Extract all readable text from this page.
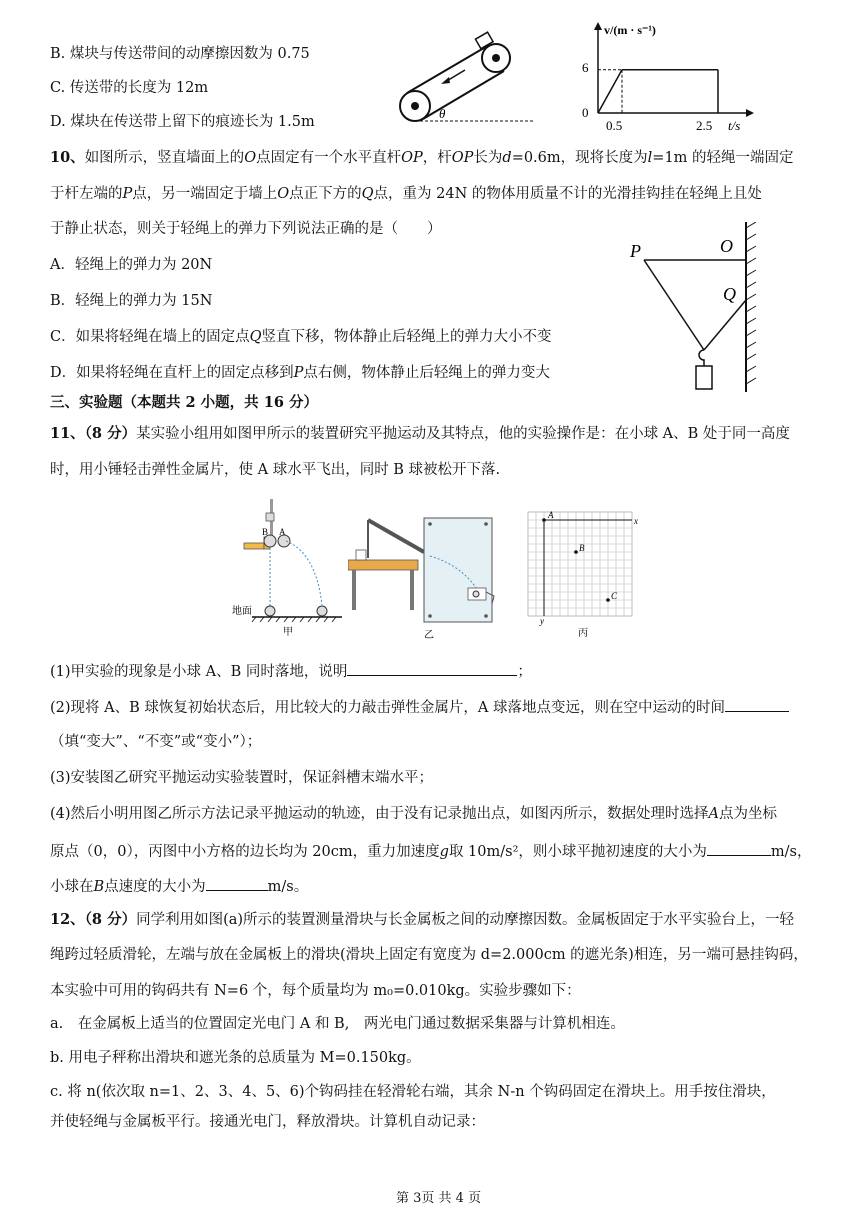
B. 煤块与传送带间的动摩擦因数为 0.75
C. 传送带的长度为 12m
D. 煤块在传送带上留下的痕迹长为 1.5m
θ
v/(m · s⁻¹)
6
0
0.5	2.5 t/s
10、如图所示，竖直墙面上的O点固定有一个水平直杆OP，杆OP长为d=0.6m，现将长度为l=1m 的轻绳一端固定
于杆左端的P点，另一端固定于墙上O点正下方的Q点，重为 24N 的物体用质量不计的光滑挂钩挂在轻绳上且处
于静止状态，则关于轻绳上的弹力下列说法正确的是（　　）
A．轻绳上的弹力为 20N
B．轻绳上的弹力为 15N
C．如果将轻绳在墙上的固定点Q竖直下移，物体静止后轻绳上的弹力大小不变
D．如果将轻绳在直杆上的固定点移到P点右侧，物体静止后轻绳上的弹力变大
P	O
Q
三、实验题（本题共 2 小题，共 16 分）
11、（8 分）某实验小组用如图甲所示的装置研究平抛运动及其特点，他的实验操作是：在小球 A、B 处于同一高度
时，用小锤轻击弹性金属片，使 A 球水平飞出，同时 B 球被松开下落.
B A
地面
甲	乙
A
B
C
x
y
丙
(1)甲实验的现象是小球 A、B 同时落地，说明	；
(2)现将 A、B 球恢复初始状态后，用比较大的力敲击弹性金属片，A 球落地点变远，则在空中运动的时间
（填“变大”、“不变”或“变小”）；
(3)安装图乙研究平抛运动实验装置时，保证斜槽末端水平；
(4)然后小明用图乙所示方法记录平抛运动的轨迹，由于没有记录抛出点，如图丙所示，数据处理时选择A点为坐标
原点（0，0），丙图中小方格的边长均为 20cm，重力加速度g取 10m/s²，则小球平抛初速度的大小为	m/s，
小球在B点速度的大小为	m/s。
12、（8 分）同学利用如图(a)所示的装置测量滑块与长金属板之间的动摩擦因数。金属板固定于水平实验台上，一轻
绳跨过轻质滑轮，左端与放在金属板上的滑块(滑块上固定有宽度为 d=2.000cm 的遮光条)相连，另一端可悬挂钩码，
本实验中可用的钩码共有 N=6 个，每个质量均为 m₀=0.010kg。实验步骤如下：
a.　在金属板上适当的位置固定光电门 A 和 B,　两光电门通过数据采集器与计算机相连。
b. 用电子秤称出滑块和遮光条的总质量为 M=0.150kg。
c. 将 n(依次取 n=1、2、3、4、5、6)个钩码挂在轻滑轮右端，其余 N-n 个钩码固定在滑块上。用手按住滑块，
并使轻绳与金属板平行。接通光电门，释放滑块。计算机自动记录：
第 3页 共 4 页
